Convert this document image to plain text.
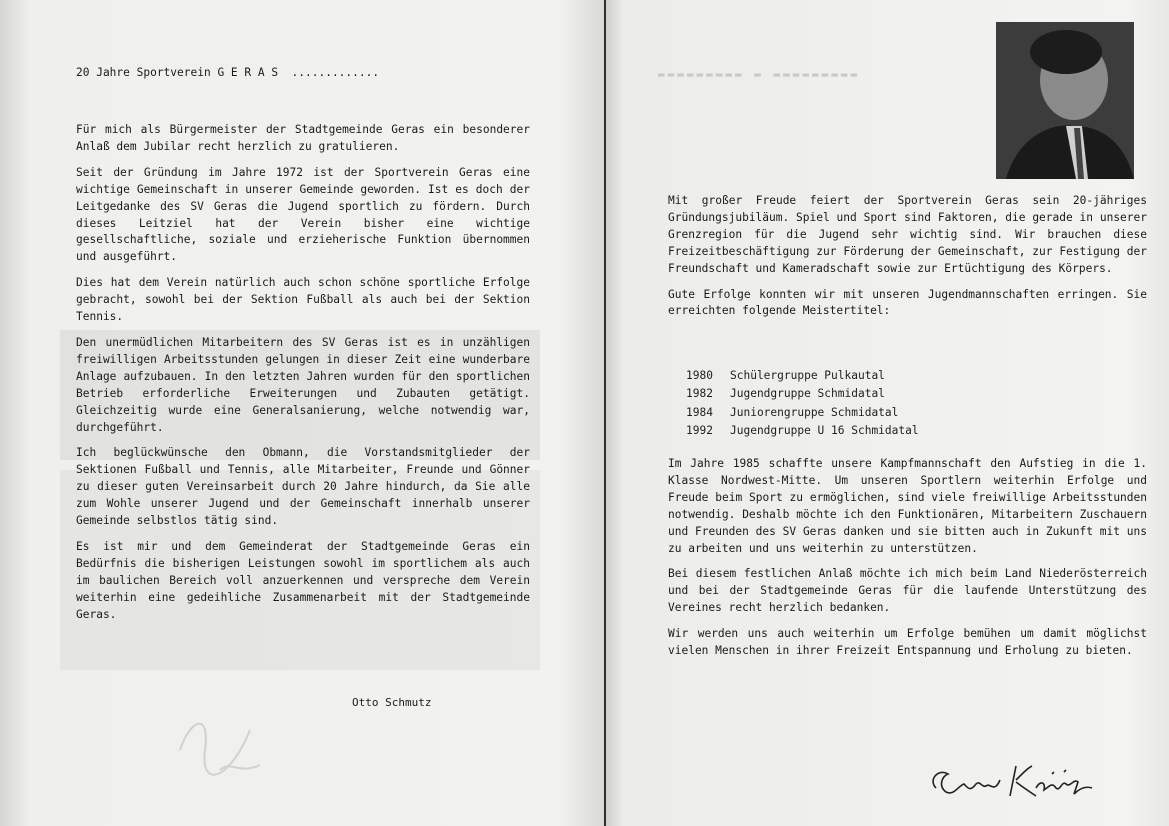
20 Jahre Sportverein G E R A S  .............

Für mich als Bürgermeister der Stadtgemeinde Geras ein besonderer Anlaß dem Jubilar recht herzlich zu gratulieren.

Seit der Gründung im Jahre 1972 ist der Sportverein Geras eine wichtige Gemeinschaft in unserer Gemeinde geworden. Ist es doch der Leitgedanke des SV Geras die Jugend sportlich zu fördern. Durch dieses Leitziel hat der Verein bisher eine wichtige gesellschaftliche, soziale und erzieherische Funktion übernommen und ausgeführt.

Dies hat dem Verein natürlich auch schon schöne sportliche Erfolge gebracht, sowohl bei der Sektion Fußball als auch bei der Sektion Tennis.

Den unermüdlichen Mitarbeitern des SV Geras ist es in unzähligen freiwilligen Arbeitsstunden gelungen in dieser Zeit eine wunderbare Anlage aufzubauen. In den letzten Jahren wurden für den sportlichen Betrieb erforderliche Erweiterungen und Zubauten getätigt. Gleichzeitig wurde eine Generalsanierung, welche notwendig war, durchgeführt.

Ich beglückwünsche den Obmann, die Vorstandsmitglieder der Sektionen Fußball und Tennis, alle Mitarbeiter, Freunde und Gönner zu dieser guten Vereinsarbeit durch 20 Jahre hindurch, da Sie alle zum Wohle unserer Jugend und der Gemeinschaft innerhalb unserer Gemeinde selbstlos tätig sind.

Es ist mir und dem Gemeinderat der Stadtgemeinde Geras ein Bedürfnis die bisherigen Leistungen sowohl im sportlichem als auch im baulichen Bereich voll anzuerkennen und verspreche dem Verein weiterhin eine gedeihliche Zusammenarbeit mit der Stadtgemeinde Geras.

Otto Schmutz
▬▬▬▬▬▬▬▬▬ ▬ ▬▬▬▬▬▬▬▬▬

Mit großer Freude feiert der Sportverein Geras sein 20-jähriges Gründungsjubiläum. Spiel und Sport sind Faktoren, die gerade in unserer Grenzregion für die Jugend sehr wichtig sind. Wir brauchen diese Freizeitbeschäftigung zur Förderung der Gemeinschaft, zur Festigung der Freundschaft und Kameradschaft sowie zur Ertüchtigung des Körpers.

Gute Erfolge konnten wir mit unseren Jugendmannschaften erringen. Sie erreichten folgende Meistertitel:

1980	Schülergruppe Pulkautal
1982	Jugendgruppe Schmidatal
1984	Juniorengruppe Schmidatal
1992	Jugendgruppe U 16 Schmidatal

Im Jahre 1985 schaffte unsere Kampfmannschaft den Aufstieg in die 1. Klasse Nordwest-Mitte. Um unseren Sportlern weiterhin Erfolge und Freude beim Sport zu ermöglichen, sind viele freiwillige Arbeitsstunden notwendig. Deshalb möchte ich den Funktionären, Mitarbeitern Zuschauern und Freunden des SV Geras danken und sie bitten auch in Zukunft mit uns zu arbeiten und uns weiterhin zu unterstützen.

Bei diesem festlichen Anlaß möchte ich mich beim Land Niederösterreich und bei der Stadtgemeinde Geras für die laufende Unterstützung des Vereines recht herzlich bedanken.

Wir werden uns auch weiterhin um Erfolge bemühen um damit möglichst vielen Menschen in ihrer Freizeit Entspannung und Erholung zu bieten.
